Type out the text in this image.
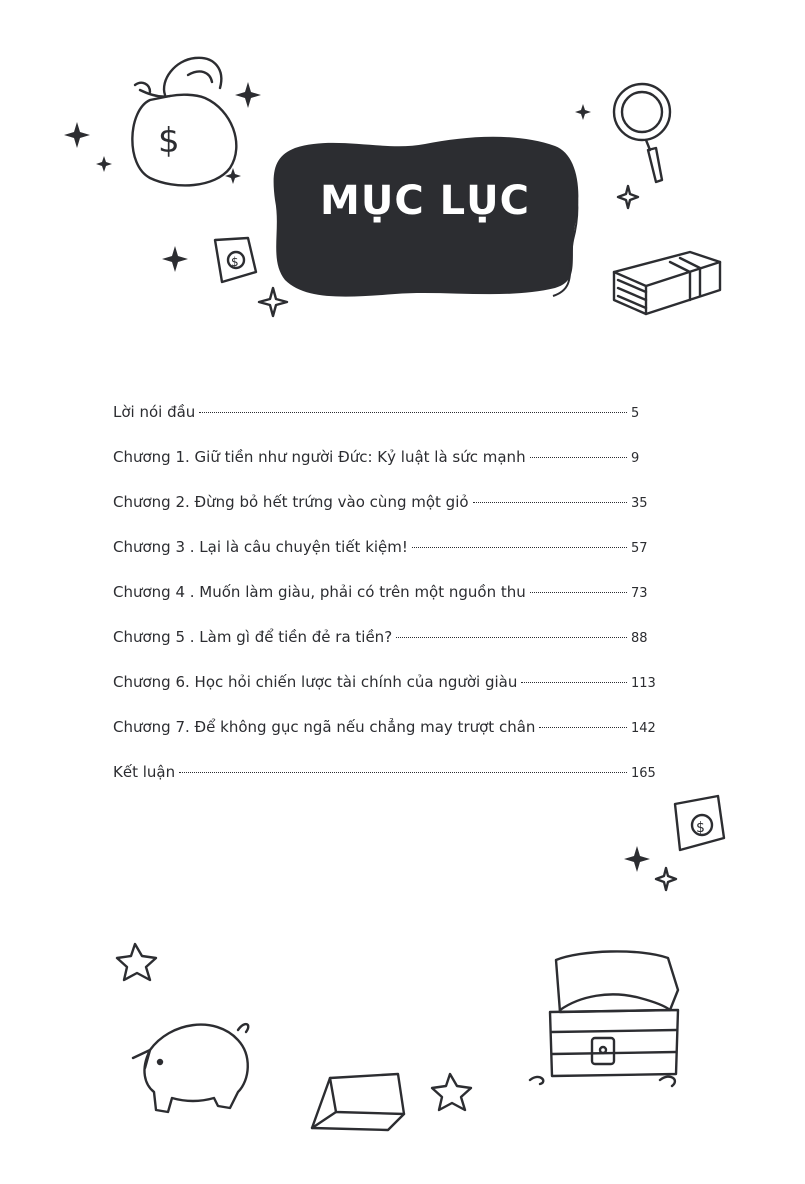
$
$
$
MỤC LỤC
Lời nói đầu	5
Chương 1. Giữ tiền như người Đức: Kỷ luật là sức mạnh	9
Chương 2. Đừng bỏ hết trứng vào cùng một giỏ	35
Chương 3 . Lại là câu chuyện tiết kiệm!	57
Chương 4 . Muốn làm giàu, phải có trên một nguồn thu	73
Chương 5 . Làm gì để tiền đẻ ra tiền?	88
Chương 6. Học hỏi chiến lược tài chính của người giàu	113
Chương 7. Để không gục ngã nếu chẳng may trượt chân	142
Kết luận	165
